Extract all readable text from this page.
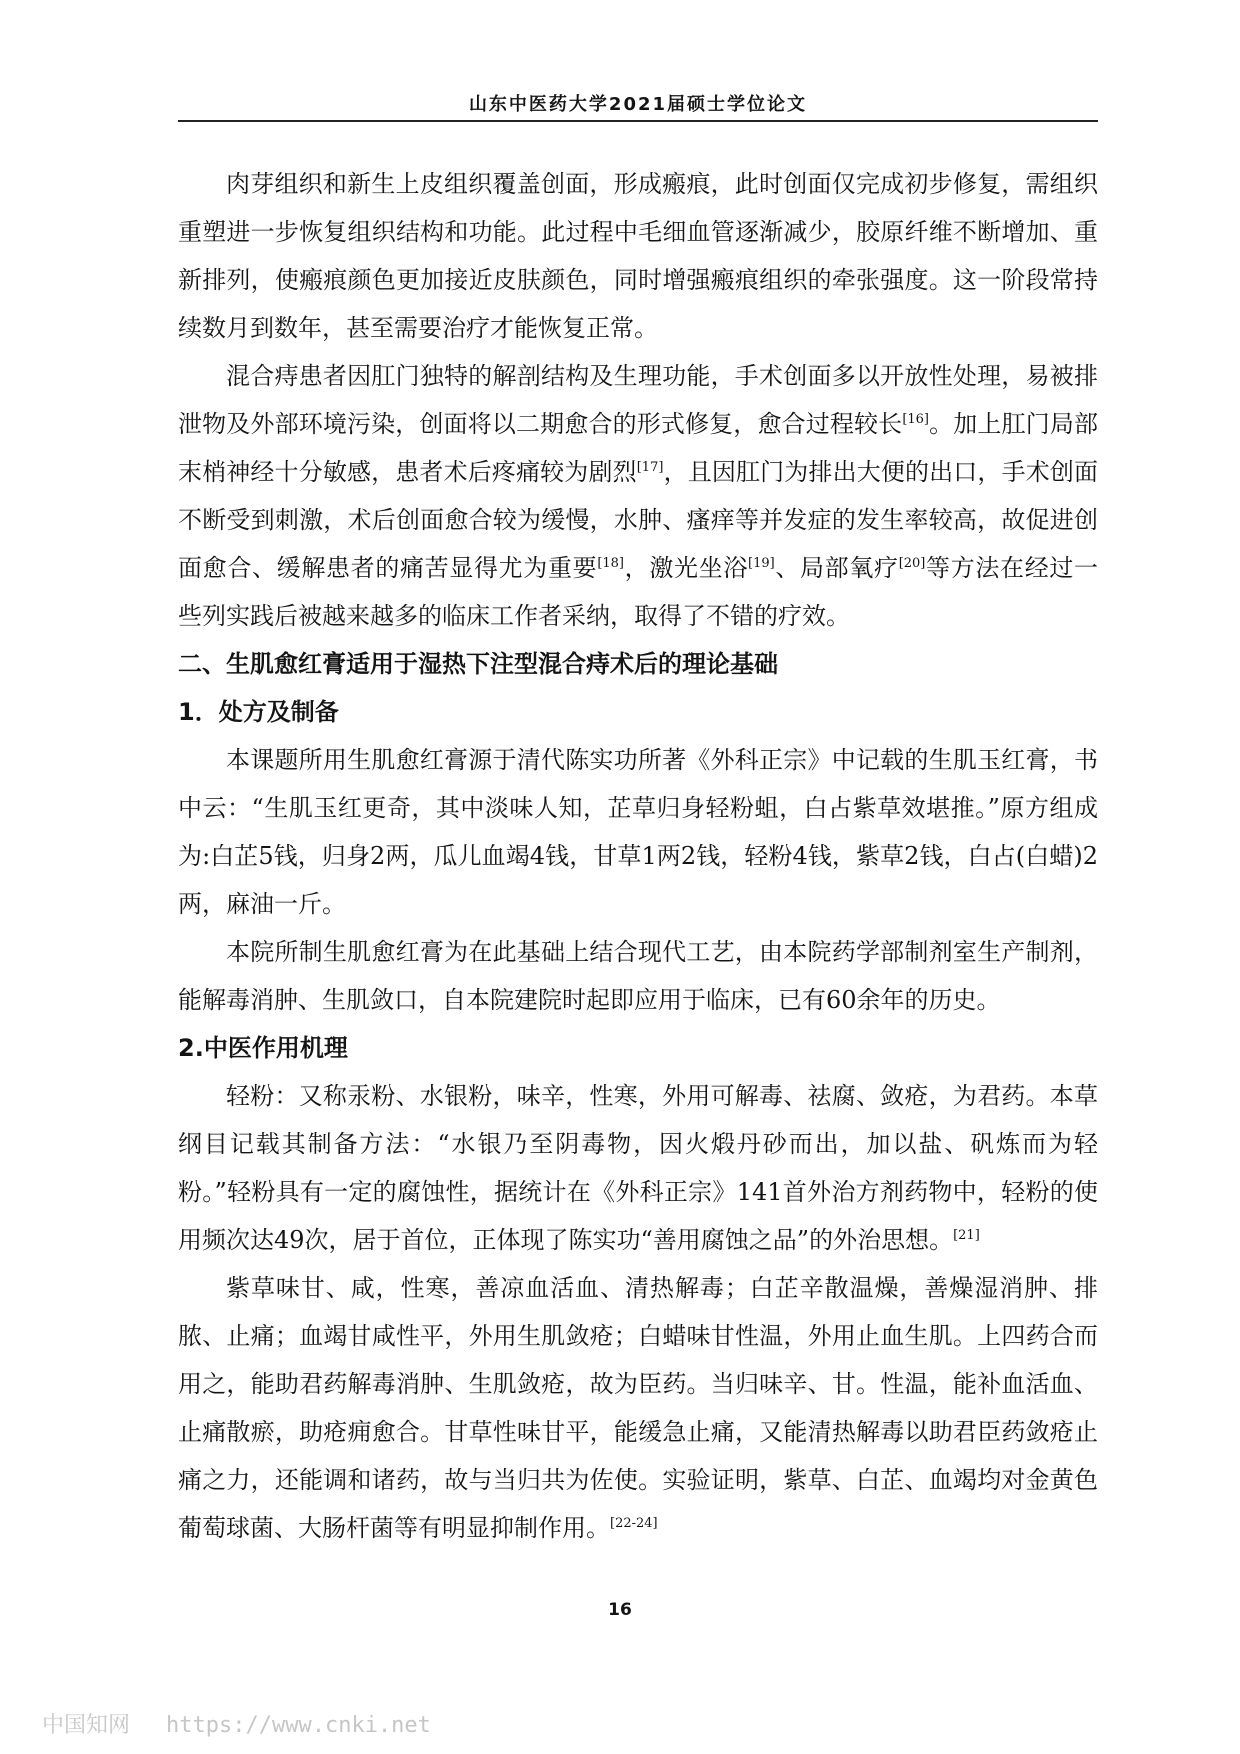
山东中医药大学2021届硕士学位论文

肉芽组织和新生上皮组织覆盖创面，形成瘢痕，此时创面仅完成初步修复，需组织重塑进一步恢复组织结构和功能。此过程中毛细血管逐渐减少，胶原纤维不断增加、重新排列，使瘢痕颜色更加接近皮肤颜色，同时增强瘢痕组织的牵张强度。这一阶段常持续数月到数年，甚至需要治疗才能恢复正常。

混合痔患者因肛门独特的解剖结构及生理功能，手术创面多以开放性处理，易被排泄物及外部环境污染，创面将以二期愈合的形式修复，愈合过程较长[16]。加上肛门局部末梢神经十分敏感，患者术后疼痛较为剧烈[17]，且因肛门为排出大便的出口，手术创面不断受到刺激，术后创面愈合较为缓慢，水肿、瘙痒等并发症的发生率较高，故促进创面愈合、缓解患者的痛苦显得尤为重要[18]，激光坐浴[19]、局部氧疗[20]等方法在经过一些列实践后被越来越多的临床工作者采纳，取得了不错的疗效。

二、生肌愈红膏适用于湿热下注型混合痔术后的理论基础
1．处方及制备

本课题所用生肌愈红膏源于清代陈实功所著《外科正宗》中记载的生肌玉红膏，书中云：“生肌玉红更奇，其中淡味人知，芷草归身轻粉蛆，白占紫草效堪推。”原方组成为:白芷5钱，归身2两，瓜儿血竭4钱，甘草1两2钱，轻粉4钱，紫草2钱，白占(白蜡)2两，麻油一斤。

本院所制生肌愈红膏为在此基础上结合现代工艺，由本院药学部制剂室生产制剂，能解毒消肿、生肌敛口，自本院建院时起即应用于临床，已有60余年的历史。

2.中医作用机理

轻粉：又称汞粉、水银粉，味辛，性寒，外用可解毒、祛腐、敛疮，为君药。本草纲目记载其制备方法：“水银乃至阴毒物，因火煅丹砂而出，加以盐、矾炼而为轻粉。”轻粉具有一定的腐蚀性，据统计在《外科正宗》141首外治方剂药物中，轻粉的使用频次达49次，居于首位，正体现了陈实功“善用腐蚀之品”的外治思想。[21]

紫草味甘、咸，性寒，善凉血活血、清热解毒；白芷辛散温燥，善燥湿消肿、排脓、止痛；血竭甘咸性平，外用生肌敛疮；白蜡味甘性温，外用止血生肌。上四药合而用之，能助君药解毒消肿、生肌敛疮，故为臣药。当归味辛、甘。性温，能补血活血、止痛散瘀，助疮痈愈合。甘草性味甘平，能缓急止痛，又能清热解毒以助君臣药敛疮止痛之力，还能调和诸药，故与当归共为佐使。实验证明，紫草、白芷、血竭均对金黄色葡萄球菌、大肠杆菌等有明显抑制作用。[22-24]

16
中国知网 https://www.cnki.net
